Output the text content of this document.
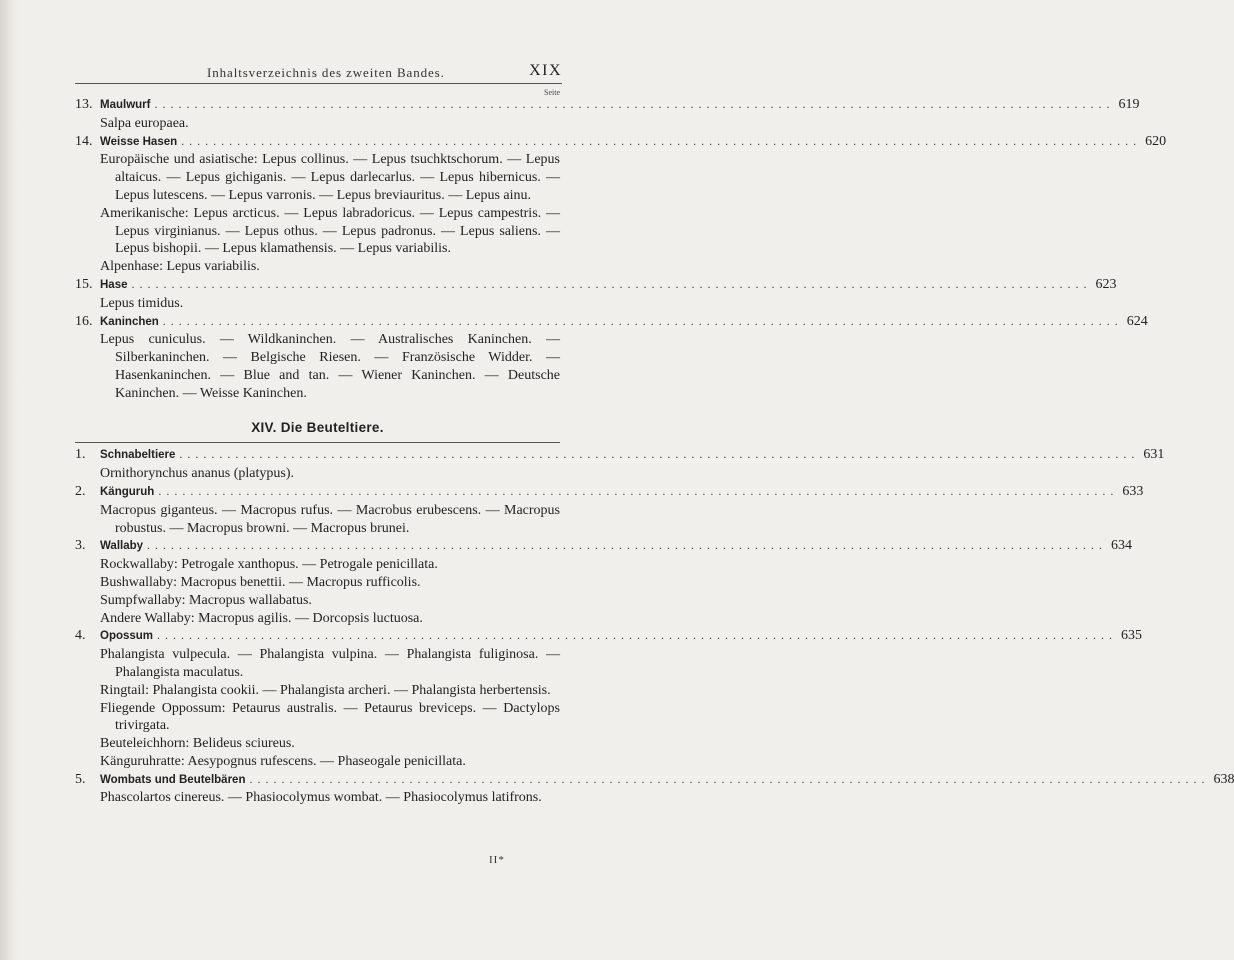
Inhaltsverzeichnis des zweiten Bandes.	XIX
Seite
13. Maulwurf ........................................................................................................................ 619

Salpa europaea.

14. Weisse Hasen ........................................................................................................................ 620

Europäische und asiatische: Lepus collinus. — Lepus tsuchktschorum. — Lepus altaicus. — Lepus gichiganis. — Lepus darlecarlus. — Lepus hibernicus. — Lepus lutescens. — Lepus varronis. — Lepus breviauritus. — Lepus ainu.

Amerikanische: Lepus arcticus. — Lepus labradoricus. — Lepus campestris. — Lepus virginianus. — Lepus othus. — Lepus padronus. — Lepus saliens. — Lepus bishopii. — Lepus klamathensis. — Lepus variabilis.

Alpenhase: Lepus variabilis.

15. Hase ........................................................................................................................ 623

Lepus timidus.

16. Kaninchen ........................................................................................................................ 624

Lepus cuniculus. — Wildkaninchen. — Australisches Kaninchen. — Silberkaninchen. — Belgische Riesen. — Französische Widder. — Hasenkaninchen. — Blue and tan. — Wiener Kaninchen. — Deutsche Kaninchen. — Weisse Kaninchen.

XIV. Die Beuteltiere.
1.	Schnabeltiere ........................................................................................................................ 631

Ornithorynchus ananus (platypus).

2.	Känguruh ........................................................................................................................ 633

Macropus giganteus. — Macropus rufus. — Macrobus erubescens. — Macropus robustus. — Macropus browni. — Macropus brunei.

3.	Wallaby ........................................................................................................................ 634

Rockwallaby: Petrogale xanthopus. — Petrogale penicillata.

Bushwallaby: Macropus benettii. — Macropus rufficolis.

Sumpfwallaby: Macropus wallabatus.

Andere Wallaby: Macropus agilis. — Dorcopsis luctuosa.

4.	Opossum ........................................................................................................................ 635

Phalangista vulpecula. — Phalangista vulpina. — Phalangista fuliginosa. — Phalangista maculatus.

Ringtail: Phalangista cookii. — Phalangista archeri. — Phalangista herbertensis.

Fliegende Oppossum: Petaurus australis. — Petaurus breviceps. — Dactylops trivirgata.

Beuteleichhorn: Belideus sciureus.

Känguruhratte: Aesypognus rufescens. — Phaseogale penicillata.

5.	Wombats und Beutelbären ........................................................................................................................ 638

Phascolartos cinereus. — Phasiocolymus wombat. — Phasiocolymus latifrons.

II*
